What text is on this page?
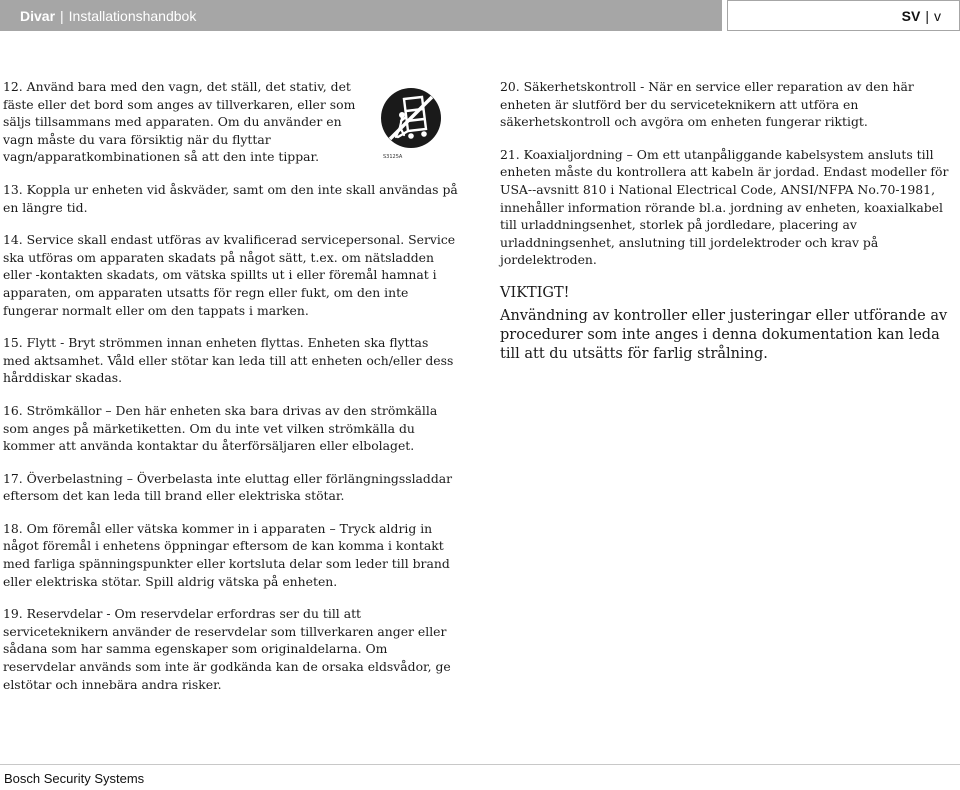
Divar | Installationshandbok	SV | v

12. Använd bara med den vagn, det ställ, det stativ, det fäste eller det bord som anges av tillverkaren, eller som säljs tillsammans med apparaten. Om du använder en vagn måste du vara försiktig när du flyttar vagn/apparatkombinationen så att den inte tippar.

13. Koppla ur enheten vid åskväder, samt om den inte skall användas på en längre tid.

14. Service skall endast utföras av kvalificerad servicepersonal. Service ska utföras om apparaten skadats på något sätt, t.ex. om nätsladden eller -kontakten skadats, om vätska spillts ut i eller föremål hamnat i apparaten, om apparaten utsatts för regn eller fukt, om den inte fungerar normalt eller om den tappats i marken.

15. Flytt - Bryt strömmen innan enheten flyttas. Enheten ska flyttas med aktsamhet. Våld eller stötar kan leda till att enheten och/eller dess hårddiskar skadas.

16. Strömkällor – Den här enheten ska bara drivas av den strömkälla som anges på märketiketten. Om du inte vet vilken strömkälla du kommer att använda kontaktar du återförsäljaren eller elbolaget.

17. Överbelastning – Överbelasta inte eluttag eller förlängningssladdar eftersom det kan leda till brand eller elektriska stötar.

18. Om föremål eller vätska kommer in i apparaten – Tryck aldrig in något föremål i enhetens öppningar eftersom de kan komma i kontakt med farliga spänningspunkter eller kortsluta delar som leder till brand eller elektriska stötar. Spill aldrig vätska på enheten.

19. Reservdelar - Om reservdelar erfordras ser du till att serviceteknikern använder de reservdelar som tillverkaren anger eller sådana som har samma egenskaper som originaldelarna. Om reservdelar används som inte är godkända kan de orsaka eldsvådor, ge elstötar och innebära andra risker.

S3125A

20. Säkerhetskontroll - När en service eller reparation av den här enheten är slutförd ber du serviceteknikern att utföra en säkerhetskontroll och avgöra om enheten fungerar riktigt.

21. Koaxialjordning – Om ett utanpåliggande kabelsystem ansluts till enheten måste du kontrollera att kabeln är jordad. Endast modeller för USA--avsnitt 810 i National Electrical Code, ANSI/NFPA No.70-1981, innehåller information rörande bl.a. jordning av enheten, koaxialkabel till urladdningsenhet, storlek på jordledare, placering av urladdningsenhet, anslutning till jordelektroder och krav på jordelektroden.

VIKTIGT!

Användning av kontroller eller justeringar eller utförande av procedurer som inte anges i denna dokumentation kan leda till att du utsätts för farlig strålning.

Bosch Security Systems
